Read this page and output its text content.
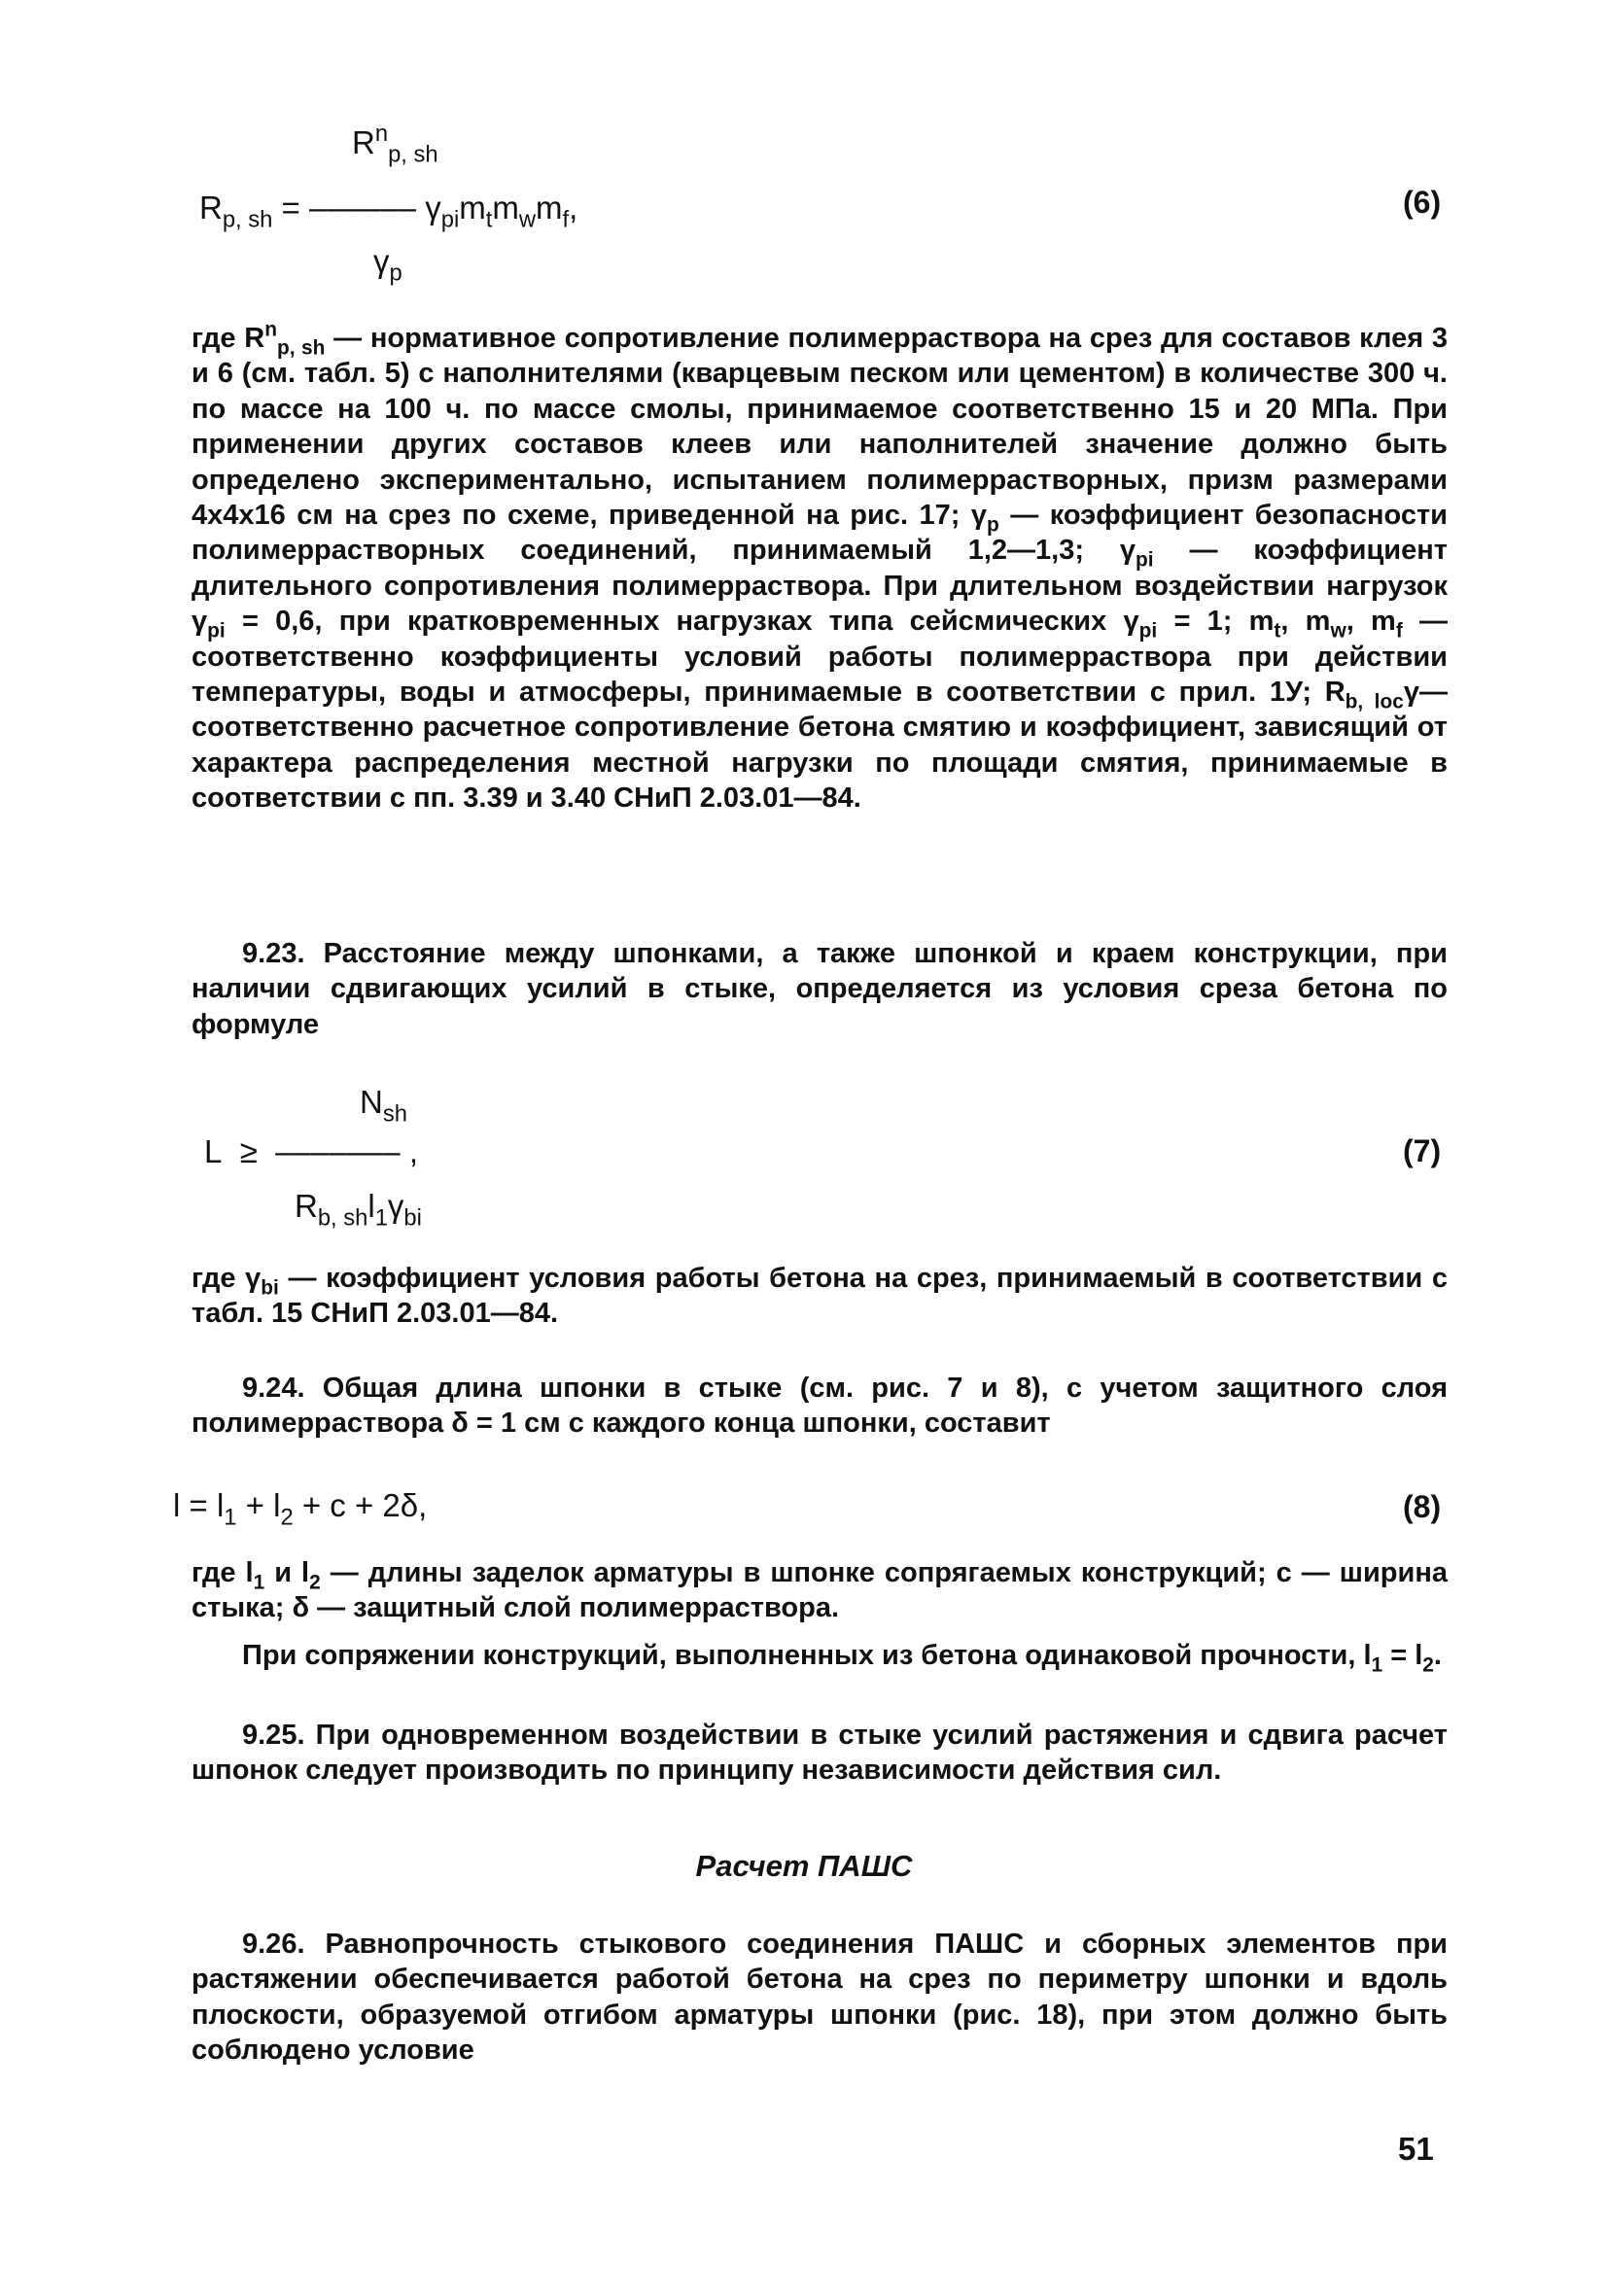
$R^n_{p, sh}$
$R_{p, sh}$ = –––––– $\gamma_{pi}m_tm_wm_f$,
$\gamma_p$
(6)

где $R^n_{p, sh}$ — нормативное сопротивление полимерраствора на срез для составов клея 3 и 6 (см. табл. 5) с наполнителями (кварцевым песком или цементом) в количестве 300 ч. по массе на 100 ч. по массе смолы, принимаемое соответственно 15 и 20 МПа. При применении других составов клеев или наполнителей значение должно быть определено экспериментально, испытанием полимеррастворных, призм размерами 4х4х16 см на срез по схеме, приведенной на рис. 17; $\gamma_p$ — коэффициент безопасности полимеррастворных соединений, принимаемый 1,2—1,3; $\gamma_{pi}$ — коэффициент длительного сопротивления полимерраствора. При длительном воздействии нагрузок $\gamma_{pi} = 0,6$, при кратковременных нагрузках типа сейсмических $\gamma_{pi} = 1$; $m_t$, $m_w$, $m_f$ — соответственно коэффициенты условий работы полимерраствора при действии температуры, воды и атмосферы, принимаемые в соответствии с прил. 1У; $R_{b, loc}\gamma—соответственно$ расчетное сопротивление бетона смятию и коэффициент, зависящий от характера распределения местной нагрузки по площади смятия, принимаемые в соответствии с пп. 3.39 и 3.40 СНиП 2.03.01—84.

9.23. Расстояние между шпонками, а также шпонкой и краем конструкции, при наличии сдвигающих усилий в стыке, определяется из условия среза бетона по формуле

$N_{sh}$
L ≥ ––––––– ,
$R_{b, sh}l_1\gamma_{bi}$
(7)

где $\gamma_{bi}$ — коэффициент условия работы бетона на срез, принимаемый в соответствии с табл. 15 СНиП 2.03.01—84.

9.24. Общая длина шпонки в стыке (см. рис. 7 и 8), с учетом защитного слоя полимерраствора δ = 1 см с каждого конца шпонки, составит

$l = l_1 + l_2 + c + 2\delta$,	(8)

где $l_1$ и $l_2$ — длины заделок арматуры в шпонке сопрягаемых конструкций; с — ширина стыка; δ — защитный слой полимерраствора.

При сопряжении конструкций, выполненных из бетона одинаковой прочности, $l_1 = l_2$.

9.25. При одновременном воздействии в стыке усилий растяжения и сдвига расчет шпонок следует производить по принципу независимости действия сил.

Расчет ПАШС

9.26. Равнопрочность стыкового соединения ПАШС и сборных элементов при растяжении обеспечивается работой бетона на срез по периметру шпонки и вдоль плоскости, образуемой отгибом арматуры шпонки (рис. 18), при этом должно быть соблюдено условие

51
